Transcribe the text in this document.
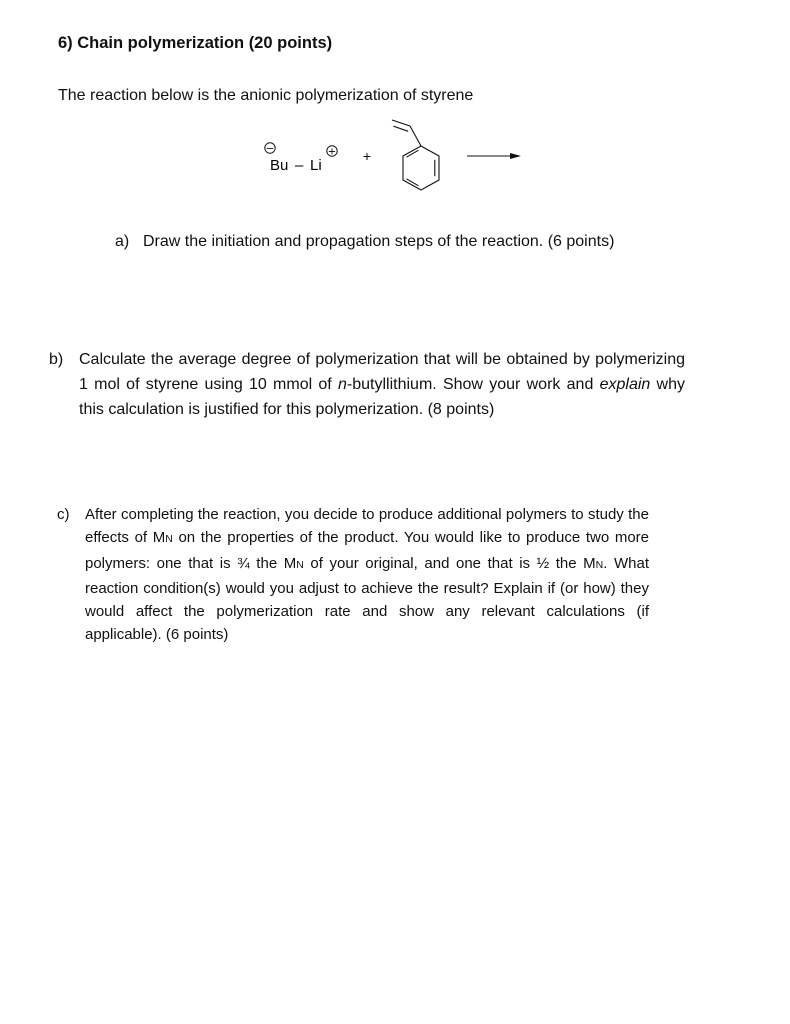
6) Chain polymerization (20 points)
The reaction below is the anionic polymerization of styrene
−
Bu – Li
+ +
a) Draw the initiation and propagation steps of the reaction. (6 points)
b) Calculate the average degree of polymerization that will be obtained by polymerizing 1 mol of styrene using 10 mmol of n-butyllithium. Show your work and explain why this calculation is justified for this polymerization. (8 points)
c)	After completing the reaction, you decide to produce additional polymers to study the effects of MN on the properties of the product. You would like to produce two more polymers: one that is ¾ the MN of your original, and one that is ½ the MN. What reaction condition(s) would you adjust to achieve the result? Explain if (or how) they would affect the polymerization rate and show any relevant calculations (if applicable). (6 points)
